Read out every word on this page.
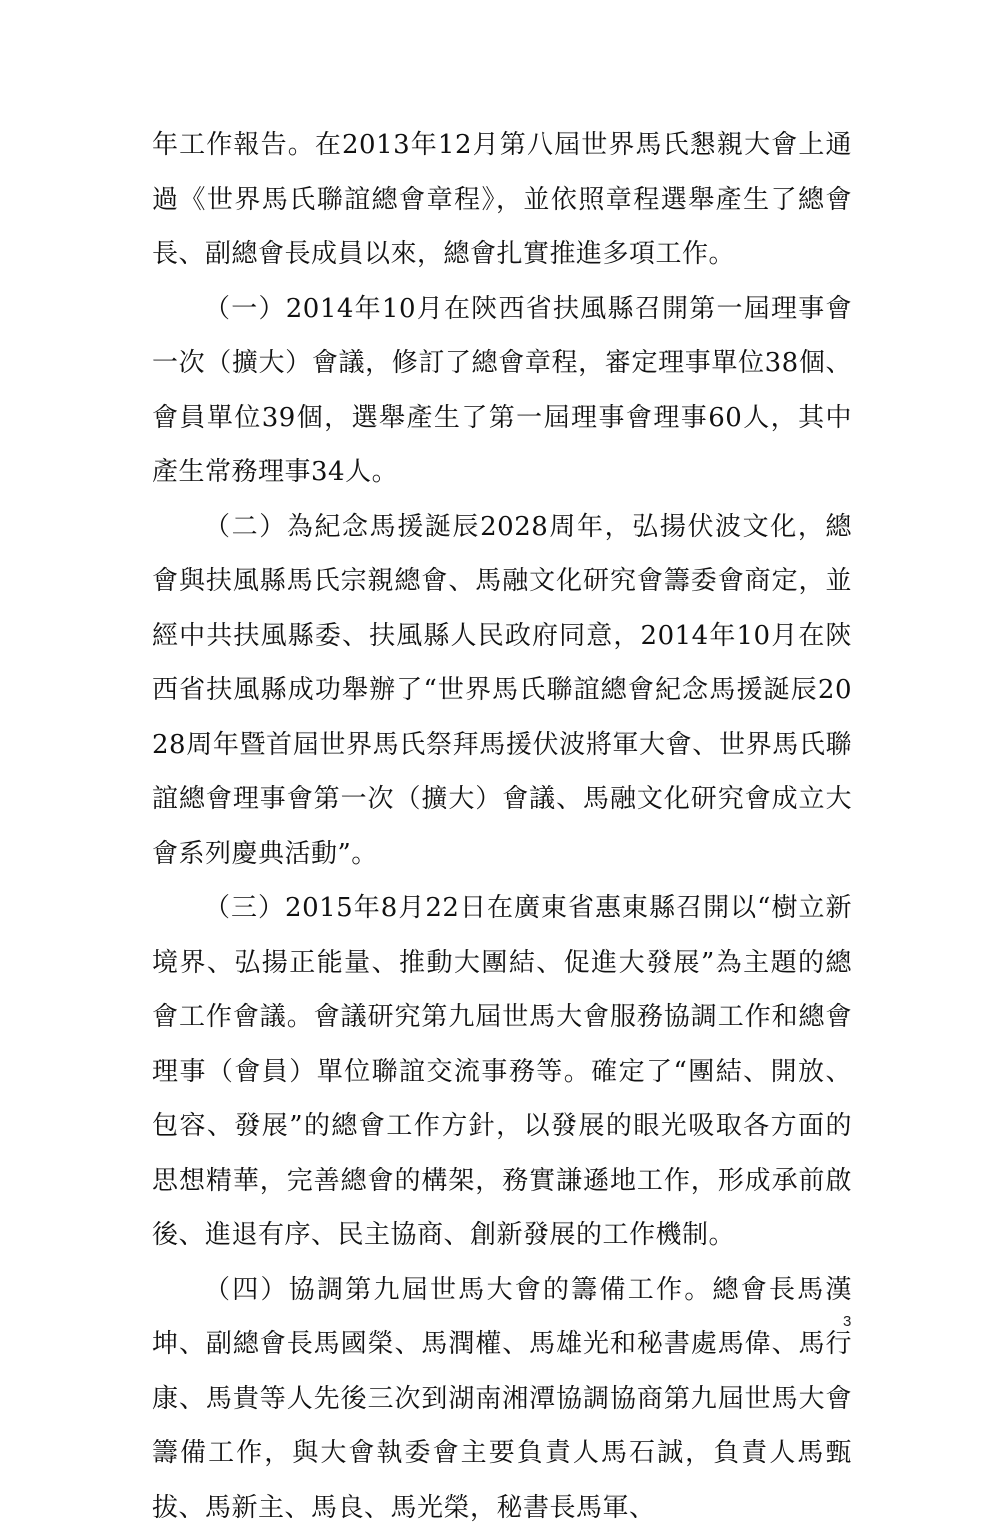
年工作報告。在2013年12月第八屆世界馬氏懇親大會上通過《世界馬氏聯誼總會章程》，並依照章程選舉產生了總會長、副總會長成員以來，總會扎實推進多項工作。

（一）2014年10月在陝西省扶風縣召開第一屆理事會一次（擴大）會議，修訂了總會章程，審定理事單位38個、會員單位39個，選舉產生了第一屆理事會理事60人，其中產生常務理事34人。

（二）為紀念馬援誕辰2028周年，弘揚伏波文化，總會與扶風縣馬氏宗親總會、馬融文化研究會籌委會商定，並經中共扶風縣委、扶風縣人民政府同意，2014年10月在陝西省扶風縣成功舉辦了“世界馬氏聯誼總會紀念馬援誕辰2028周年暨首屆世界馬氏祭拜馬援伏波將軍大會、世界馬氏聯誼總會理事會第一次（擴大）會議、馬融文化研究會成立大會系列慶典活動”。

（三）2015年8月22日在廣東省惠東縣召開以“樹立新境界、弘揚正能量、推動大團結、促進大發展”為主題的總會工作會議。會議研究第九屆世馬大會服務協調工作和總會理事（會員）單位聯誼交流事務等。確定了“團結、開放、包容、發展”的總會工作方針，以發展的眼光吸取各方面的思想精華，完善總會的構架，務實謙遜地工作，形成承前啟後、進退有序、民主協商、創新發展的工作機制。

（四）協調第九屆世馬大會的籌備工作。總會長馬漢坤、副總會長馬國榮、馬潤權、馬雄光和秘書處馬偉、馬行康、馬貴等人先後三次到湖南湘潭協調協商第九屆世馬大會籌備工作，與大會執委會主要負責人馬石誠，負責人馬甄拔、馬新主、馬良、馬光榮，秘書長馬軍、

3
